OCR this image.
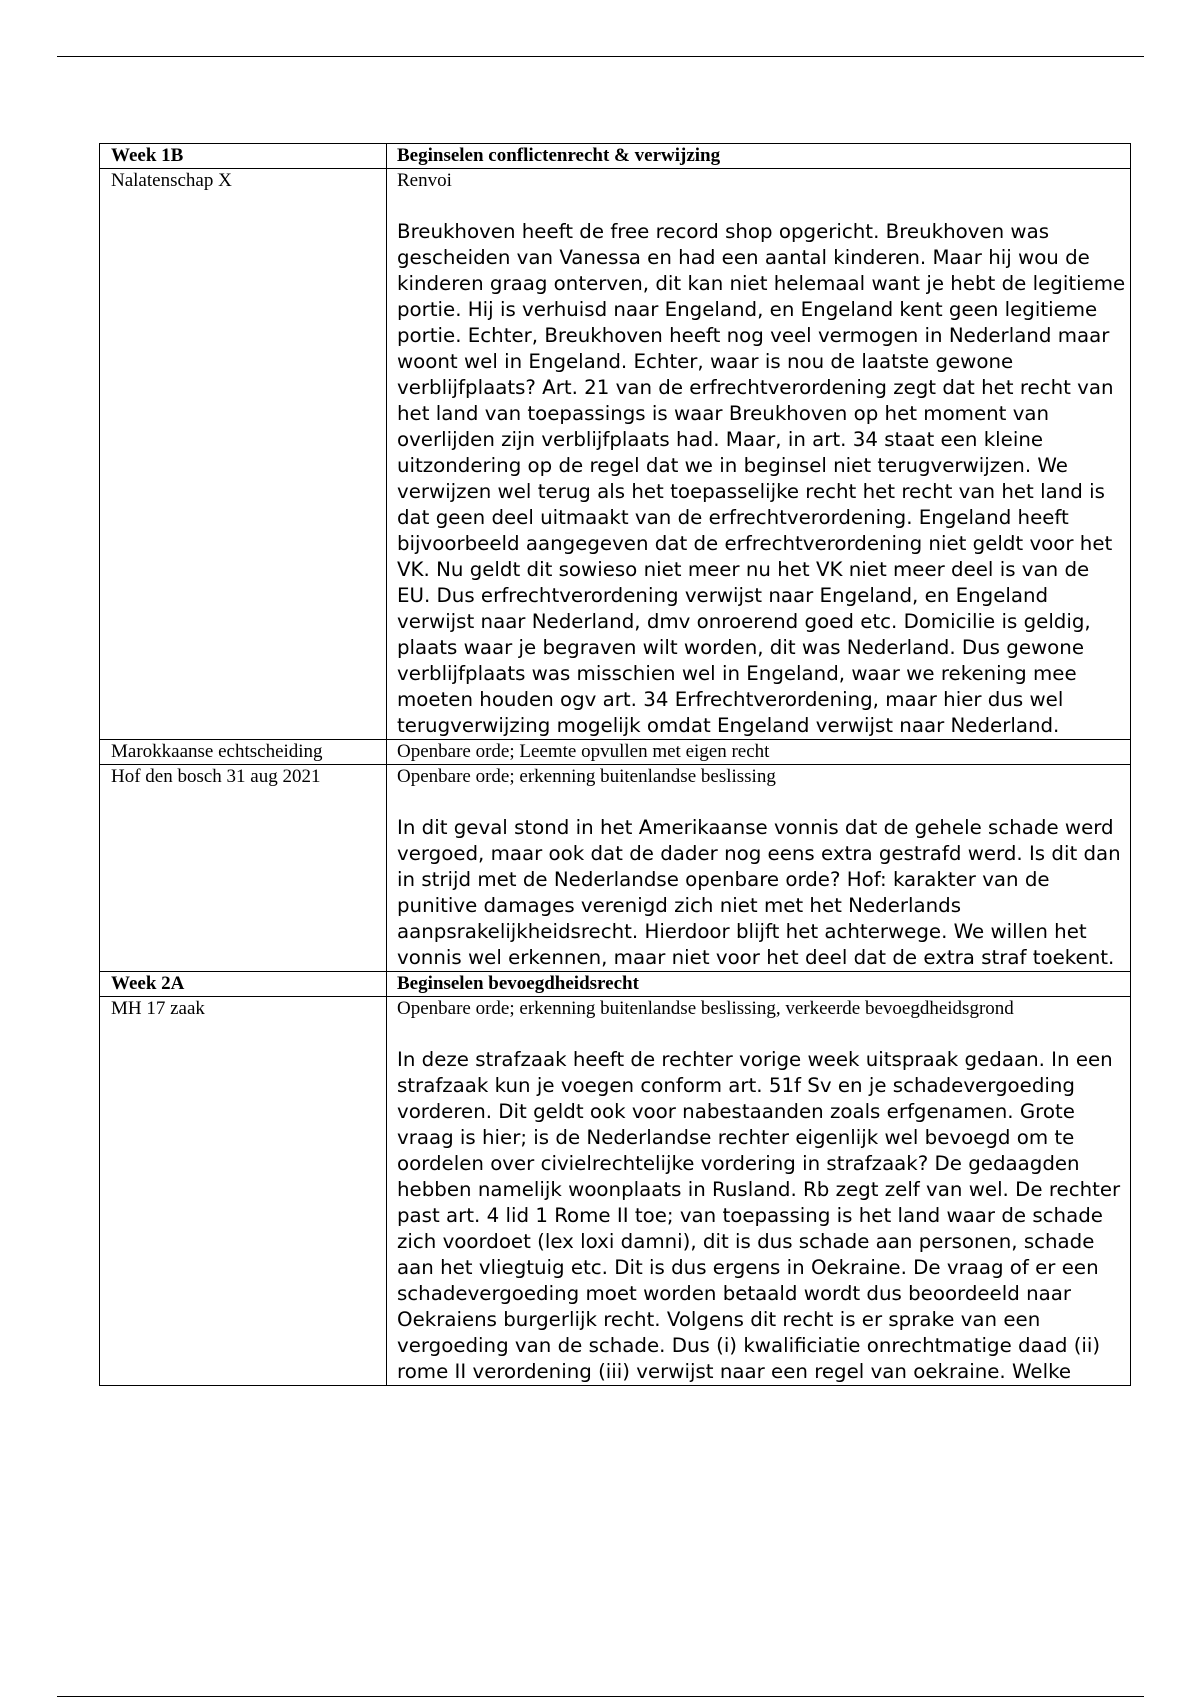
Week 1B	Beginselen conflictenrecht & verwijzing
Nalatenschap X	Renvoi
Breukhoven heeft de free record shop opgericht. Breukhoven was gescheiden van Vanessa en had een aantal kinderen. Maar hij wou de kinderen graag onterven, dit kan niet helemaal want je hebt de legitieme portie. Hij is verhuisd naar Engeland, en Engeland kent geen legitieme portie. Echter, Breukhoven heeft nog veel vermogen in Nederland maar woont wel in Engeland. Echter, waar is nou de laatste gewone verblijfplaats? Art. 21 van de erfrechtverordening zegt dat het recht van het land van toepassings is waar Breukhoven op het moment van overlijden zijn verblijfplaats had. Maar, in art. 34 staat een kleine uitzondering op de regel dat we in beginsel niet terugverwijzen. We verwijzen wel terug als het toepasselijke recht het recht van het land is dat geen deel uitmaakt van de erfrechtverordening. Engeland heeft bijvoorbeeld aangegeven dat de erfrechtverordening niet geldt voor het VK. Nu geldt dit sowieso niet meer nu het VK niet meer deel is van de EU. Dus erfrechtverordening verwijst naar Engeland, en Engeland verwijst naar Nederland, dmv onroerend goed etc. Domicilie is geldig, plaats waar je begraven wilt worden, dit was Nederland. Dus gewone verblijfplaats was misschien wel in Engeland, waar we rekening mee moeten houden ogv art. 34 Erfrechtverordening, maar hier dus wel terugverwijzing mogelijk omdat Engeland verwijst naar Nederland.

Marokkaanse echtscheiding	Openbare orde; Leemte opvullen met eigen recht

Hof den bosch 31 aug 2021	Openbare orde; erkenning buitenlandse beslissing
In dit geval stond in het Amerikaanse vonnis dat de gehele schade werd vergoed, maar ook dat de dader nog eens extra gestrafd werd. Is dit dan in strijd met de Nederlandse openbare orde? Hof: karakter van de punitive damages verenigd zich niet met het Nederlands aanpsrakelijkheidsrecht. Hierdoor blijft het achterwege. We willen het vonnis wel erkennen, maar niet voor het deel dat de extra straf toekent.

Week 2A	Beginselen bevoegdheidsrecht
MH 17 zaak	Openbare orde; erkenning buitenlandse beslissing, verkeerde bevoegdheidsgrond
In deze strafzaak heeft de rechter vorige week uitspraak gedaan. In een strafzaak kun je voegen conform art. 51f Sv en je schadevergoeding vorderen. Dit geldt ook voor nabestaanden zoals erfgenamen. Grote vraag is hier; is de Nederlandse rechter eigenlijk wel bevoegd om te oordelen over civielrechtelijke vordering in strafzaak? De gedaagden hebben namelijk woonplaats in Rusland. Rb zegt zelf van wel. De rechter past art. 4 lid 1 Rome II toe; van toepassing is het land waar de schade zich voordoet (lex loxi damni), dit is dus schade aan personen, schade aan het vliegtuig etc. Dit is dus ergens in Oekraine. De vraag of er een schadevergoeding moet worden betaald wordt dus beoordeeld naar Oekraiens burgerlijk recht. Volgens dit recht is er sprake van een vergoeding van de schade. Dus (i) kwalificiatie onrechtmatige daad (ii) rome II verordening (iii) verwijst naar een regel van oekraine. Welke
